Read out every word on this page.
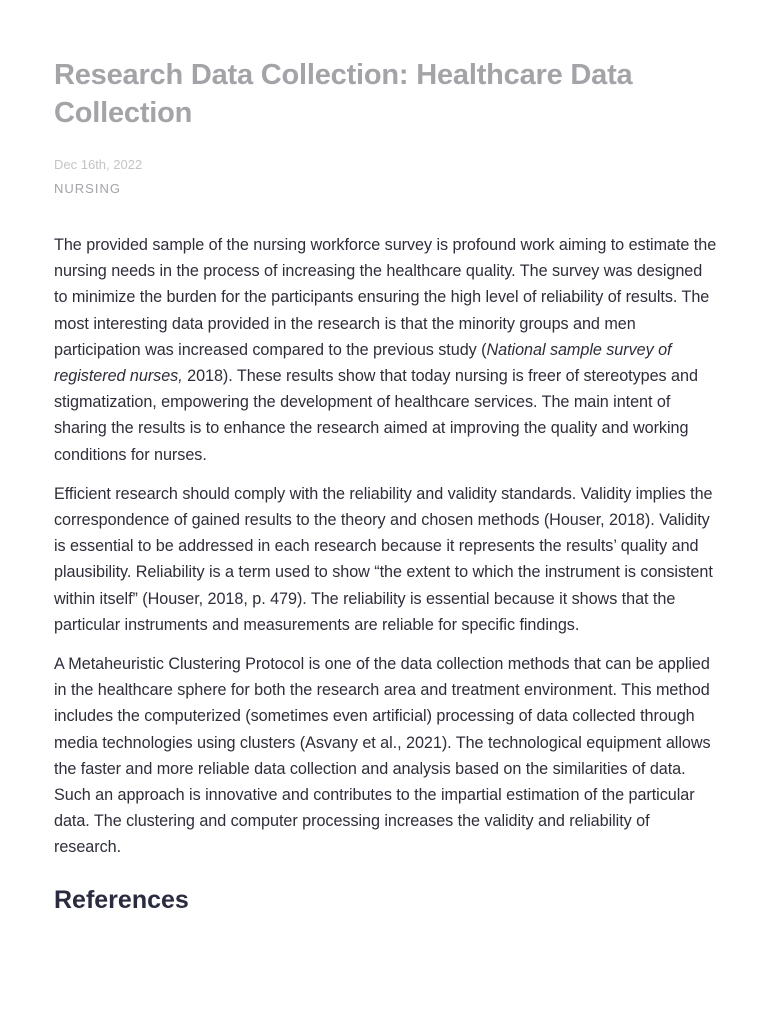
Research Data Collection: Healthcare Data Collection
Dec 16th, 2022
NURSING

The provided sample of the nursing workforce survey is profound work aiming to estimate the nursing needs in the process of increasing the healthcare quality. The survey was designed to minimize the burden for the participants ensuring the high level of reliability of results. The most interesting data provided in the research is that the minority groups and men participation was increased compared to the previous study (National sample survey of registered nurses, 2018). These results show that today nursing is freer of stereotypes and stigmatization, empowering the development of healthcare services. The main intent of sharing the results is to enhance the research aimed at improving the quality and working conditions for nurses.

Efficient research should comply with the reliability and validity standards. Validity implies the correspondence of gained results to the theory and chosen methods (Houser, 2018). Validity is essential to be addressed in each research because it represents the results’ quality and plausibility. Reliability is a term used to show “the extent to which the instrument is consistent within itself” (Houser, 2018, p. 479). The reliability is essential because it shows that the particular instruments and measurements are reliable for specific findings.

A Metaheuristic Clustering Protocol is one of the data collection methods that can be applied in the healthcare sphere for both the research area and treatment environment. This method includes the computerized (sometimes even artificial) processing of data collected through media technologies using clusters (Asvany et al., 2021). The technological equipment allows the faster and more reliable data collection and analysis based on the similarities of data. Such an approach is innovative and contributes to the impartial estimation of the particular data. The clustering and computer processing increases the validity and reliability of research.

References
